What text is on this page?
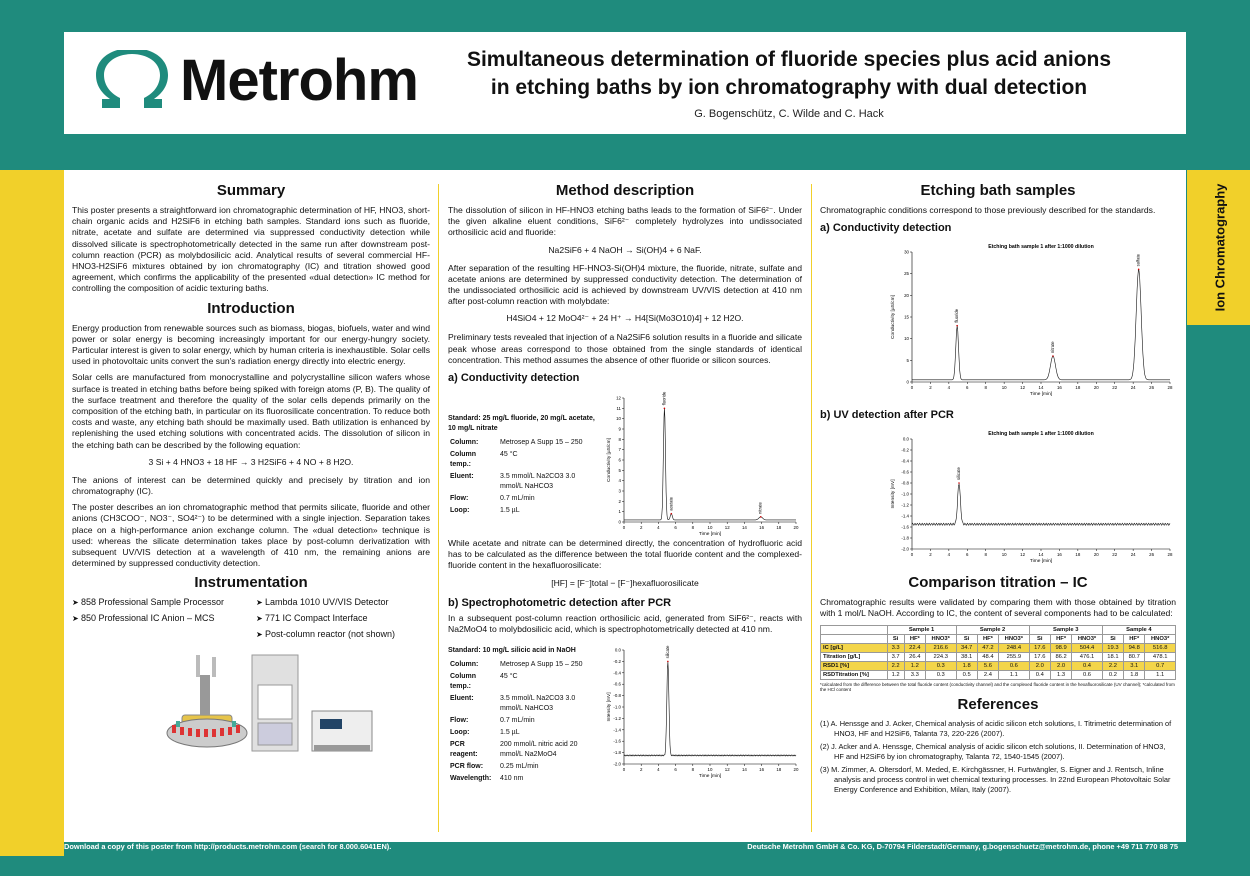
Ion Chromatography
Metrohm	Simultaneous determination of fluoride species plus acid anions
in etching baths by ion chromatography with dual detection
G. Bogenschütz, C. Wilde and C. Hack
Summary

This poster presents a straightforward ion chromatographic determination of HF, HNO3, short-chain organic acids and H2SiF6 in etching bath samples. Standard ions such as fluoride, nitrate, acetate and sulfate are determined via suppressed conductivity detection while dissolved silicate is spectrophotometrically detected in the same run after downstream post-column reaction (PCR) as molybdosilicic acid. Analytical results of several commercial HF-HNO3-H2SiF6 mixtures obtained by ion chromatography (IC) and titration showed good agreement, which confirms the applicability of the presented «dual detection» IC method for controlling the composition of acidic texturing baths.

Introduction

Energy production from renewable sources such as biomass, biogas, biofuels, water and wind power or solar energy is becoming increasingly important for our energy-hungry society. Particular interest is given to solar energy, which by human criteria is inexhaustible. Solar cells used in photovoltaic units convert the sun's radiation energy directly into electric energy.

Solar cells are manufactured from monocrystalline and polycrystalline silicon wafers whose surface is treated in etching baths before being spiked with foreign atoms (P, B). The quality of the surface treatment and therefore the quality of the solar cells depends primarily on the composition of the etching bath, in particular on its fluorosilicate concentration. To reduce both costs and waste, any etching bath should be maximally used. Bath utilization is enhanced by replenishing the used etching solutions with concentrated acids. The dissolution of silicon in the etching bath can be described by the following equation:

3 Si + 4 HNO3 + 18 HF → 3 H2SiF6 + 4 NO + 8 H2O.

The anions of interest can be determined quickly and precisely by titration and ion chromatography (IC).

The poster describes an ion chromatographic method that permits silicate, fluoride and other anions (CH3COO⁻, NO3⁻, SO4²⁻) to be determined with a single injection. Separation takes place on a high-performance anion exchange column. The «dual detection» technique is used: whereas the silicate determination takes place by post-column derivatization with subsequent UV/VIS detection at a wavelength of 410 nm, the remaining anions are determined by suppressed conductivity detection.

Instrumentation
➤ 858 Professional Sample Processor	➤ Lambda 1010 UV/VIS Detector
➤ 850 Professional IC Anion – MCS	➤ 771 IC Compact Interface
➤ Post-column reactor (not shown)
Method description

The dissolution of silicon in HF-HNO3 etching baths leads to the formation of SiF6²⁻. Under the given alkaline eluent conditions, SiF6²⁻ completely hydrolyzes into undissociated orthosilicic acid and fluoride:

Na2SiF6 + 4 NaOH → Si(OH)4 + 6 NaF.

After separation of the resulting HF-HNO3-Si(OH)4 mixture, the fluoride, nitrate, sulfate and acetate anions are determined by suppressed conductivity detection. The determination of the undissociated orthosilicic acid is achieved by downstream UV/VIS detection at 410 nm after post-column reaction with molybdate:

H4SiO4 + 12 MoO4²⁻ + 24 H⁺ → H4[Si(Mo3O10)4] + 12 H2O.

Preliminary tests revealed that injection of a Na2SiF6 solution results in a fluoride and silicate peak whose areas correspond to those obtained from the single standards of identical concentration. This method assumes the absence of other fluoride or silicon sources.

a) Conductivity detection
Standard: 25 mg/L fluoride, 20 mg/L acetate, 10 mg/L nitrate
Column:	Metrosep A Supp 15 – 250
Column temp.:	45 °C
Eluent:	3.5 mmol/L Na2CO3 3.0 mmol/L NaHCO3
Flow:	0.7 mL/min
Loop:	1.5 µL
0	2	4	6	8	10	12	14	16	18	20
0
1
2
3
4
5
6
7
8
9
10
11
12
Time [min]
Conductivity [µS/cm]
fluoride
acetate	nitrate

While acetate and nitrate can be determined directly, the concentration of hydrofluoric acid has to be calculated as the difference between the total fluoride content and the complexed-fluoride content in the hexafluorosilicate:

[HF] = [F⁻]total − [F⁻]hexafluorosilicate
b) Spectrophotometric detection after PCR

In a subsequent post-column reaction orthosilicic acid, generated from SiF6²⁻, reacts with Na2MoO4 to molybdosilicic acid, which is spectrophotometrically detected at 410 nm.

Standard: 10 mg/L silicic acid in NaOH
Column:	Metrosep A Supp 15 – 250
Column temp.:	45 °C
Eluent:	3.5 mmol/L Na2CO3 3.0 mmol/L NaHCO3
Flow:	0.7 mL/min
Loop:	1.5 µL
PCR reagent:	200 mmol/L nitric acid 20 mmol/L Na2MoO4
PCR flow:	0.25 mL/min
Wavelength:	410 nm
0	2	4	6	8	10	12	14	16	18	20
-2.0
-1.8
-1.6
-1.4
-1.2
-1.0
-0.8
-0.6
-0.4
-0.2
0.0
Time [min]
Intensity [mV]
silicate
Etching bath samples

Chromatographic conditions correspond to those previously described for the standards.

a) Conductivity detection
Etching bath sample 1 after 1:1000 dilution
0	2	4	6	8	10	12	14	16	18	20	22	24	26	28
0
5
10
15
20
25
30
Time [min]
Conductivity [µS/cm]	fluoride
nitrate
sulfate
b) UV detection after PCR
Etching bath sample 1 after 1:1000 dilution
0	2	4	6	8	10	12	14	16	18	20	22	24	26	28
-2.0
-1.8
-1.6
-1.4
-1.2
-1.0
-0.8
-0.6
-0.4
-0.2
0.0
Time [min]
Intensity [mV]
silicate
Comparison titration – IC

Chromatographic results were validated by comparing them with those obtained by titration with 1 mol/L NaOH. According to IC, the content of several components had to be calculated:

	Sample 1			Sample 2			Sample 3			Sample 4		
	Si	HF*	HNO3*	Si	HF*	HNO3*	Si	HF*	HNO3*	Si	HF*	HNO3*
IC [g/L]	3.3	22.4	216.6	34.7	47.2	248.4	17.6	98.9	504.4	19.3	94.8	516.8
Titration [g/L]	3.7	26.4	224.3	38.1	48.4	255.9	17.6	86.2	476.1	18.1	80.7	478.1
RSD1 [%]	2.2	1.2	0.3	1.8	5.6	0.6	2.0	2.0	0.4	2.2	3.1	0.7
RSDTitration [%]	1.2	3.3	0.3	0.5	2.4	1.1	0.4	1.3	0.6	0.2	1.8	1.1
*calculated from the difference between the total fluoride content (conductivity channel) and the complexed fluoride content in the hexafluorosilicate (UV channel); *calculated from the HCl content
References
(1) A. Henssge and J. Acker, Chemical analysis of acidic silicon etch solutions, I. Titrimetric determination of HNO3, HF and H2SiF6, Talanta 73, 220-226 (2007).
(2) J. Acker and A. Henssge, Chemical analysis of acidic silicon etch solutions, II. Determination of HNO3, HF and H2SiF6 by ion chromatography, Talanta 72, 1540-1545 (2007).
(3) M. Zimmer, A. Oltersdorf, M. Meded, E. Kirchgässner, H. Furtwängler, S. Eigner and J. Rentsch, Inline analysis and process control in wet chemical texturing processes. In 22nd European Photovoltaic Solar Energy Conference and Exhibition, Milan, Italy (2007).
Download a copy of this poster from http://products.metrohm.com (search for 8.000.6041EN).	Deutsche Metrohm GmbH & Co. KG, D-70794 Filderstadt/Germany, g.bogenschuetz@metrohm.de, phone +49 711 770 88 75
